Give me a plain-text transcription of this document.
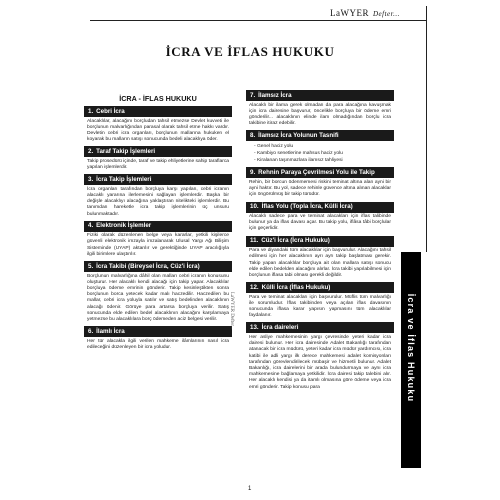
LaWYER Defter...
İCRA VE İFLAS HUKUKU
İCRA - İFLAS HUKUKU
1. Cebri İcra
Alacaklılar, alacağını borçludan tahsil etmezse Devlet kuvveti ile borçlunun malvarlığından parasal olarak tahsil etme hakkı vardır. Devletin cebri icra organları, borçlunun mallarına hukuken el koyarak bu malların satışı sonucunda bedeli alacaklıya öder.
2. Taraf Takip İşlemleri
Takip prosedürü içinde, taraf ve takip ehliyetlerine sahip taraflarca yapılan işlemlerdir.
3. İcra Takip İşlemleri
İcra organları tarafından borçluya karşı yapılan, cebri icranın alacaklı yararına ilerlemesini sağlayan işlemlerdir. Başka bir değişle alacaklıyı alacağına yaklaştıran nitelikteki işlemlerdir. Bu tanımdan hareketle icra takip işlemlerinin üç unsuru bulunmaktadır.
4. Elektronik İşlemler
Fiziki olarak düzenlenen belge veya kararlar, yetkili kişilerce güvenli elektronik imzayla imzalanarak Ulusal Yargı Ağı Bilişim Sisteminde (UYAP) aktarılır ve gerektiğinde UYAP aracılığıyla ilgili birimlere ulaştırılır.
5. İcra Takibi (Bireysel İcra, Cüz'i İcra)
Borçlunun malvarlığına dâhil olan malları cebri icranın konusunu oluşturur. Her alacaklı kendi alacağı için takip yapar. Alacaklılar borçluya ödeme emrinin gönderir. Takip kesinleştikten sonra borçlunun borca yetecek kadar malı haczedilir. Haczedilen bu mallar, cebri icra yoluyla satılır ve satış bedelinden alacaklının alacağı ödenir. Görüye para artarsa borçluya verilir. Satış sonucunda elde edilen bedel alacaklının alacağını karşılamaya yetmezse bu alacaklılara borç ödemeden aciz belgesi verilir.
6. İlamlı İcra
Her tür alacakla ilgili verilen mahkeme ilâmlarının nasıl icra edileceğini düzenleyen bir icra yoludur.
7. İlamsız İcra
Alacaklı bir ilama gerek olmadan da para alacağına kavuşmak için icra dairesine başvurur, öncelikle borçluya bir ödeme emri gönderilir... alacaklının elinde ilam olmadığından borçlu icra takibine itiraz edebilir.
8. İlamsız İcra Yolunun Tasnifi
- Genel haciz yolu
- Kambiyo senetlerine mahsus haciz yolu
- Kiralanan taşınmazlara ilamsız tahliyesi
9. Rehnin Paraya Çevrilmesi Yolu ile Takip
Rehin, bir borcun ödenmemesi riskini teminat altına alan ayni bir ayni haktır. Bu yol, sadece rehinle güvence altına alınan alacaklar için öngörülmüş bir takip türüdür.
10. İflas Yolu (Topla İcra, Külli İcra)
Alacaklı sadece para ve teminat alacakları için iflas talibinde bulunur ya da iflas davası açar. Bu takip yolu, iflâsa tâbi borçlular için geçerlidir.
11. Cüz'i İcra (İcra Hukuku)
Para ve diyandaki tüm alacaklılar için başvurulur. Alacağını tahsil edilmesi için her alacaklının ayrı ayrı takip başlatması gerekir. Takip yapan alacaklılar borçluya ait olan mallara satışı sonucu elde edilen bedelden alacağını alırlar. İcra takibi yapılabilmesi için borçlunun iflasa tabi olması gerekli değildir.
12. Külli İcra (İflas Hukuku)
Para ve teminat alacakları için başvurulur. Müflis tüm malvarlığı ile sorumludur. İflas takibinden veya açılan iflas davasının sonucunda iflasa karar yapısın yapmasını tüm alacaklılar faydalanır.
13. İcra daireleri
Her asliye mahkemesinin yargı çevresinde yeteri kadar icra dairesi bulunur. Her icra dairesinde Adalet Bakanlığı tarafından atanacak bir icra müdürü, yeteri kadar icra müdür yardımcısı, icra katibi ile adli yargı ilk derece mahkemesi adalet komisyonları tarafından görevlendirilecek mübaşir ve hizmetli bulunur. Adalet Bakanlığı, icra dairelerini bir arada bulundurmaya ve aynı icra mahkemesine bağlamaya yetkilidir. İcra dairesi takip talebini alır. Her alacaklı kendisi ya da itamlı olmasına göre ödeme veya icra emri gönderir. Takip konusu para	İcra ve İflas Hukuku
LaWYER Defter...
1
